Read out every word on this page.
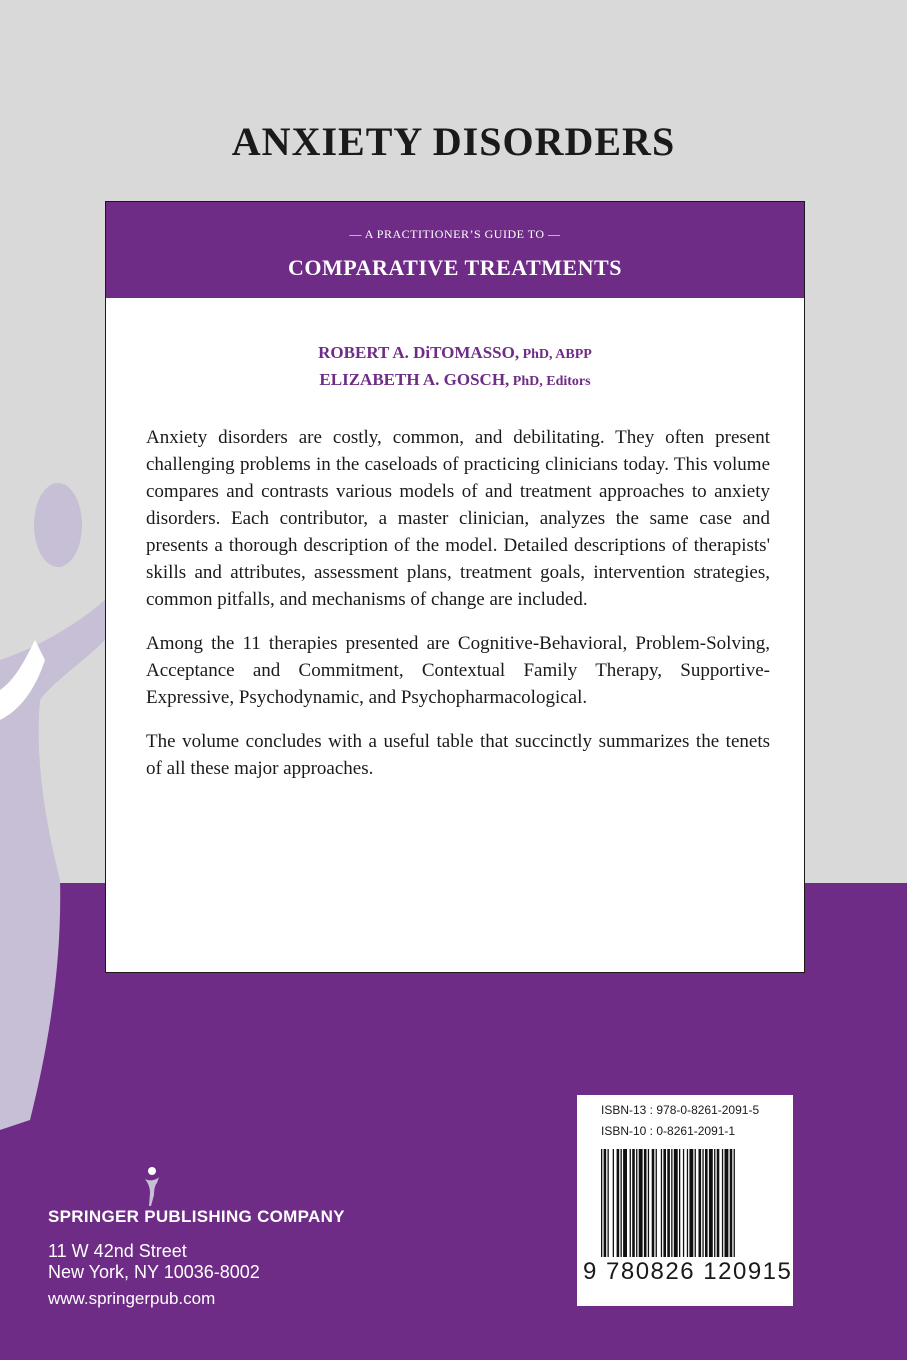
ANXIETY DISORDERS
— A PRACTITIONER’S GUIDE TO —
COMPARATIVE TREATMENTS
ROBERT A. DiTOMASSO, PhD, ABPP
ELIZABETH A. GOSCH, PhD, Editors

Anxiety disorders are costly, common, and debilitating. They often present challenging problems in the caseloads of practicing clinicians today. This volume compares and contrasts various models of and treatment approaches to anxiety disorders. Each contributor, a master clinician, analyzes the same case and presents a thorough description of the model. Detailed descriptions of therapists' skills and attributes, assessment plans, treatment goals, intervention strategies, common pitfalls, and mechanisms of change are included.

Among the 11 therapies presented are Cognitive-Behavioral, Problem-Solving, Acceptance and Commitment, Contextual Family Therapy, Supportive-Expressive, Psychodynamic, and Psychopharmacological.

The volume concludes with a useful table that succinctly summarizes the tenets of all these major approaches.

SPRINGER PUBLISHING COMPANY
11 W 42nd Street
New York, NY 10036-8002
www.springerpub.com
ISBN-13 : 978-0-8261-2091-5
ISBN-10 : 0-8261-2091-1
9 780826 120915
